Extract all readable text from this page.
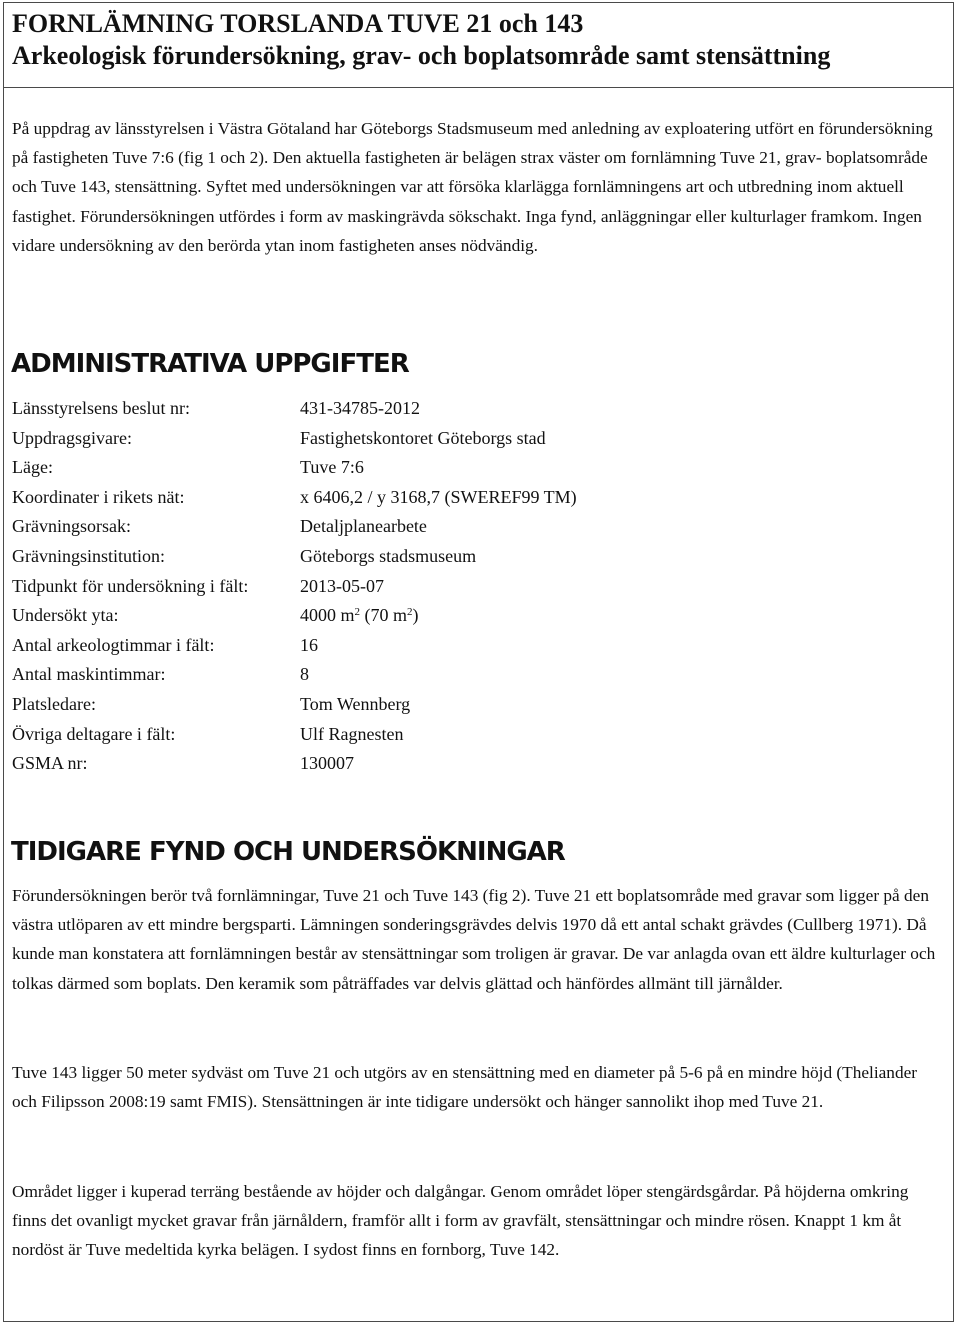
FORNLÄMNING TORSLANDA TUVE 21 och 143
Arkeologisk förundersökning, grav- och boplatsområde samt stensättning

På uppdrag av länsstyrelsen i Västra Götaland har Göteborgs Stadsmuseum med anledning av exploatering utfört en förundersökning på fastigheten Tuve 7:6 (fig 1 och 2). Den aktuella fastigheten är belägen strax väster om fornlämning Tuve 21, grav- boplatsområde och Tuve 143, stensättning. Syftet med undersökningen var att försöka klarlägga fornlämningens art och utbredning inom aktuell fastighet. Förundersökningen utfördes i form av maskingrävda sökschakt. Inga fynd, anläggningar eller kulturlager framkom. Ingen vidare undersökning av den berörda ytan inom fastigheten anses nödvändig.

ADMINISTRATIVA UPPGIFTER
Länsstyrelsens beslut nr:	431-34785-2012
Uppdragsgivare:	Fastighetskontoret Göteborgs stad
Läge:	Tuve 7:6
Koordinater i rikets nät:	x 6406,2 / y 3168,7 (SWEREF99 TM)
Grävningsorsak:	Detaljplanearbete
Grävningsinstitution:	Göteborgs stadsmuseum
Tidpunkt för undersökning i fält:	2013-05-07
Undersökt yta:	4000 $m^2$ (70 $m^2$)
Antal arkeologtimmar i fält:	16
Antal maskintimmar:	8
Platsledare:	Tom Wennberg
Övriga deltagare i fält:	Ulf Ragnesten
GSMA nr:	130007
TIDIGARE FYND OCH UNDERSÖKNINGAR

Förundersökningen berör två fornlämningar, Tuve 21 och Tuve 143 (fig 2). Tuve 21 ett boplatsområde med gravar som ligger på den västra utlöparen av ett mindre bergsparti. Lämningen sonderingsgrävdes delvis 1970 då ett antal schakt grävdes (Cullberg 1971). Då kunde man konstatera att fornlämningen består av stensättningar som troligen är gravar. De var anlagda ovan ett äldre kulturlager och tolkas därmed som boplats. Den keramik som påträffades var delvis glättad och hänfördes allmänt till järnålder.

Tuve 143 ligger 50 meter sydväst om Tuve 21 och utgörs av en stensättning med en diameter på 5-6 på en mindre höjd (Theliander och Filipsson 2008:19 samt FMIS). Stensättningen är inte tidigare undersökt och hänger sannolikt ihop med Tuve 21.

Området ligger i kuperad terräng bestående av höjder och dalgångar. Genom området löper stengärdsgårdar. På höjderna omkring finns det ovanligt mycket gravar från järnåldern, framför allt i form av gravfält, stensättningar och mindre rösen. Knappt 1 km åt nordöst är Tuve medeltida kyrka belägen. I sydost finns en fornborg, Tuve 142.
